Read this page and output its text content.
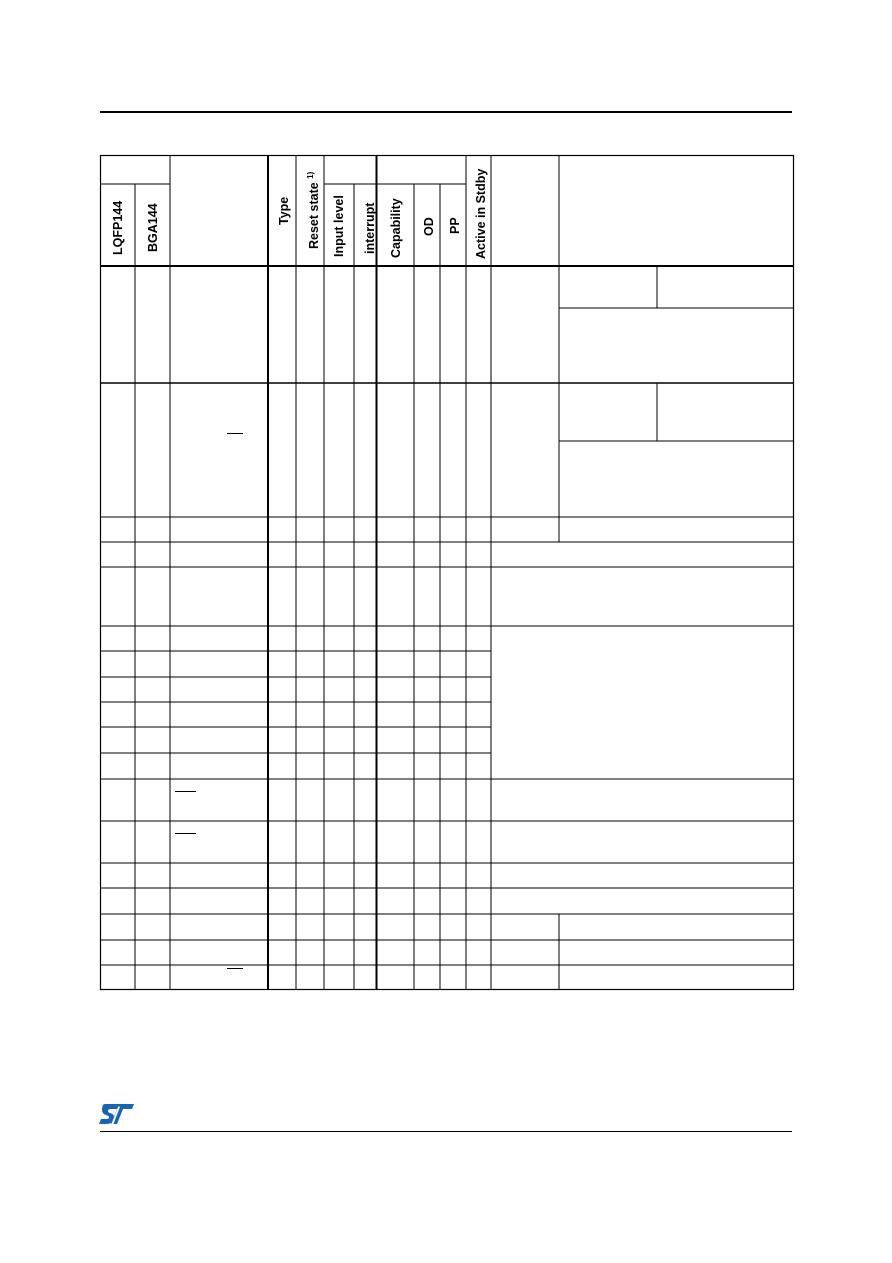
LQFP144 BGA144	Type Reset state $^{1)}$
Input level interrupt Capability OD PP Active in Stdby
